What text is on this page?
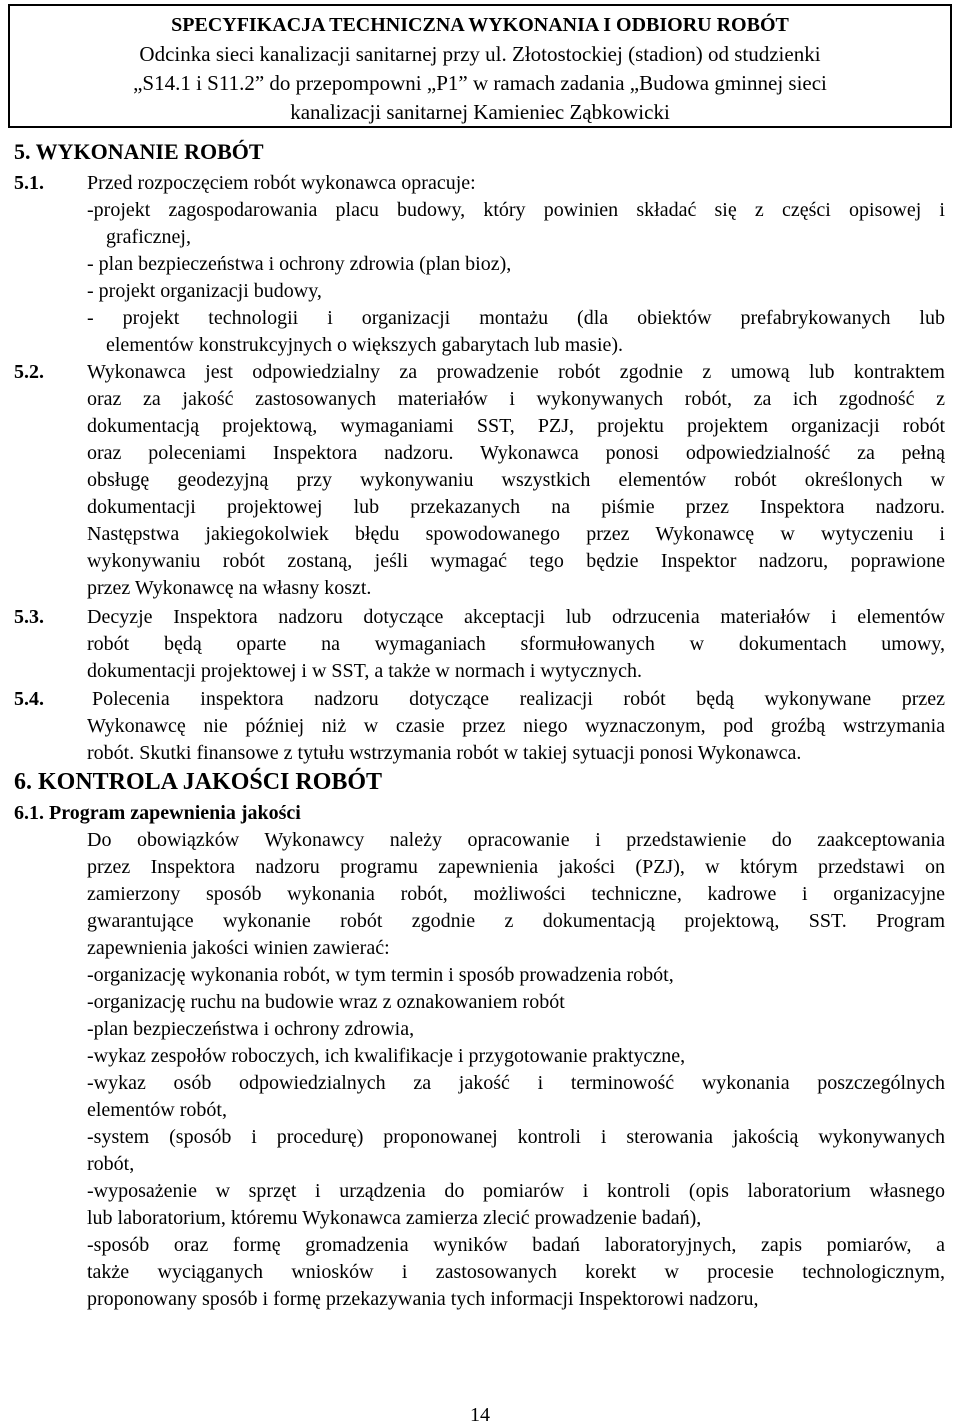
SPECYFIKACJA TECHNICZNA WYKONANIA I ODBIORU ROBÓT
Odcinka sieci kanalizacji sanitarnej przy ul. Złotostockiej (stadion) od studzienki
„S14.1 i S11.2” do przepompowni „P1” w ramach zadania „Budowa gminnej sieci
kanalizacji sanitarnej Kamieniec Ząbkowicki
5. WYKONANIE ROBÓT
5.1. Przed rozpoczęciem robót wykonawca opracuje:
-projekt zagospodarowania placu budowy, który powinien składać się z części opisowej i
graficznej,
- plan bezpieczeństwa i ochrony zdrowia (plan bioz),
- projekt organizacji budowy,
- projekt technologii i organizacji montażu (dla obiektów prefabrykowanych lub
elementów konstrukcyjnych o większych gabarytach lub masie).
5.2. Wykonawca jest odpowiedzialny za prowadzenie robót zgodnie z umową lub kontraktem
oraz za jakość zastosowanych materiałów i wykonywanych robót, za ich zgodność z
dokumentacją projektową, wymaganiami SST, PZJ, projektu projektem organizacji robót
oraz poleceniami Inspektora nadzoru. Wykonawca ponosi odpowiedzialność za pełną
obsługę geodezyjną przy wykonywaniu wszystkich elementów robót określonych w
dokumentacji projektowej lub przekazanych na piśmie przez Inspektora nadzoru.
Następstwa jakiegokolwiek błędu spowodowanego przez Wykonawcę w wytyczeniu i
wykonywaniu robót zostaną, jeśli wymagać tego będzie Inspektor nadzoru, poprawione
przez Wykonawcę na własny koszt.
5.3. Decyzje Inspektora nadzoru dotyczące akceptacji lub odrzucenia materiałów i elementów
robót będą oparte na wymaganiach sformułowanych w dokumentach umowy,
dokumentacji projektowej i w SST, a także w normach i wytycznych.
5.4. Polecenia inspektora nadzoru dotyczące realizacji robót będą wykonywane przez
Wykonawcę nie później niż w czasie przez niego wyznaczonym, pod groźbą wstrzymania
robót. Skutki finansowe z tytułu wstrzymania robót w takiej sytuacji ponosi Wykonawca.
6. KONTROLA JAKOŚCI ROBÓT
6.1. Program zapewnienia jakości
Do obowiązków Wykonawcy należy opracowanie i przedstawienie do zaakceptowania
przez Inspektora nadzoru programu zapewnienia jakości (PZJ), w którym przedstawi on
zamierzony sposób wykonania robót, możliwości techniczne, kadrowe i organizacyjne
gwarantujące wykonanie robót zgodnie z dokumentacją projektową, SST. Program
zapewnienia jakości winien zawierać:
-organizację wykonania robót, w tym termin i sposób prowadzenia robót,
-organizację ruchu na budowie wraz z oznakowaniem robót
-plan bezpieczeństwa i ochrony zdrowia,
-wykaz zespołów roboczych, ich kwalifikacje i przygotowanie praktyczne,
-wykaz osób odpowiedzialnych za jakość i terminowość wykonania poszczególnych
elementów robót,
-system (sposób i procedurę) proponowanej kontroli i sterowania jakością wykonywanych
robót,
-wyposażenie w sprzęt i urządzenia do pomiarów i kontroli (opis laboratorium własnego
lub laboratorium, któremu Wykonawca zamierza zlecić prowadzenie badań),
-sposób oraz formę gromadzenia wyników badań laboratoryjnych, zapis pomiarów, a
także wyciąganych wniosków i zastosowanych korekt w procesie technologicznym,
proponowany sposób i formę przekazywania tych informacji Inspektorowi nadzoru,
14
